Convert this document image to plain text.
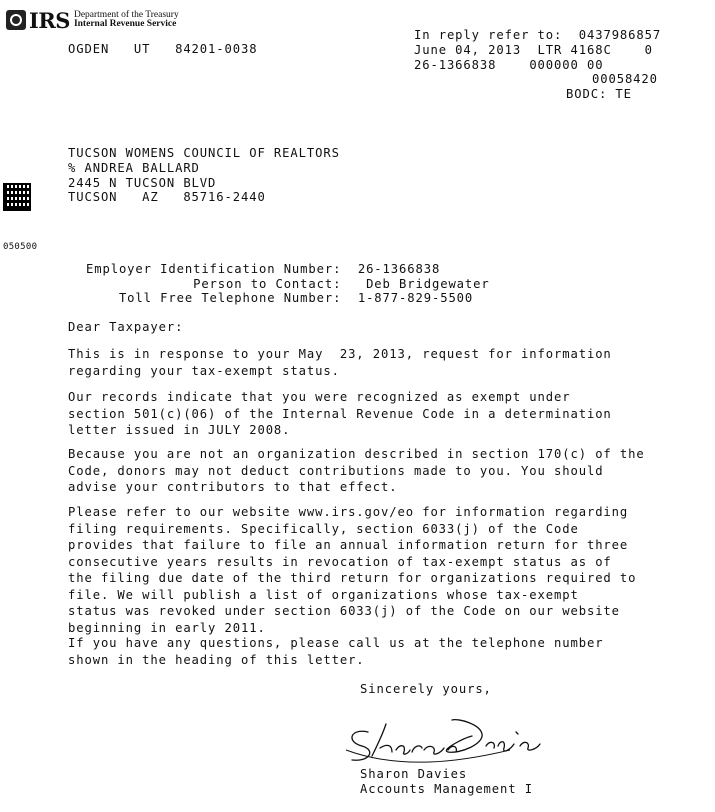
IRS Department of the Treasury
Internal Revenue Service
OGDEN   UT   84201-0038
In reply refer to:  0437986857
June 04, 2013  LTR 4168C    0
26-1366838    000000 00
00058420
BODC: TE
TUCSON WOMENS COUNCIL OF REALTORS
% ANDREA BALLARD
2445 N TUCSON BLVD
TUCSON   AZ   85716-2440
050500
Employer Identification Number:  26-1366838
Person to Contact:   Deb Bridgewater
Toll Free Telephone Number:  1-877-829-5500
Dear Taxpayer:
This is in response to your May  23, 2013, request for information
regarding your tax-exempt status.
Our records indicate that you were recognized as exempt under
section 501(c)(06) of the Internal Revenue Code in a determination
letter issued in JULY 2008.
Because you are not an organization described in section 170(c) of the
Code, donors may not deduct contributions made to you. You should
advise your contributors to that effect.
Please refer to our website www.irs.gov/eo for information regarding
filing requirements. Specifically, section 6033(j) of the Code
provides that failure to file an annual information return for three
consecutive years results in revocation of tax-exempt status as of
the filing due date of the third return for organizations required to
file. We will publish a list of organizations whose tax-exempt
status was revoked under section 6033(j) of the Code on our website
beginning in early 2011.
If you have any questions, please call us at the telephone number
shown in the heading of this letter.
Sincerely yours,
Sharon Davies
Accounts Management I
